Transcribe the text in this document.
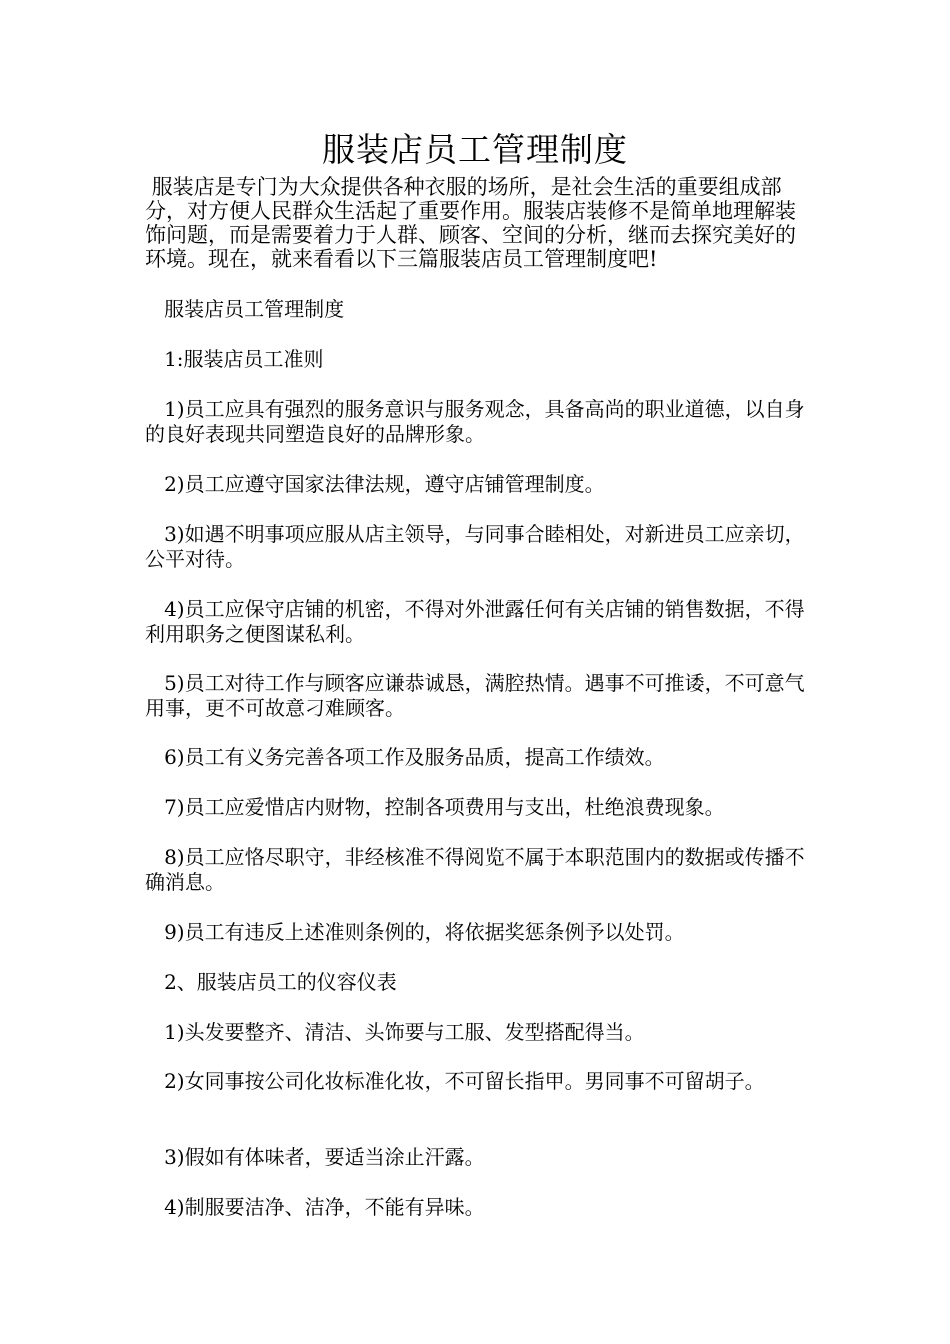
服装店员工管理制度

服装店是专门为大众提供各种衣服的场所，是社会生活的重要组成部分，对方便人民群众生活起了重要作用。服装店装修不是简单地理解装饰问题，而是需要着力于人群、顾客、空间的分析，继而去探究美好的环境。现在，就来看看以下三篇服装店员工管理制度吧!

服装店员工管理制度

1:服装店员工准则

1)员工应具有强烈的服务意识与服务观念，具备高尚的职业道德，以自身的良好表现共同塑造良好的品牌形象。

2)员工应遵守国家法律法规，遵守店铺管理制度。

3)如遇不明事项应服从店主领导，与同事合睦相处，对新进员工应亲切，公平对待。

4)员工应保守店铺的机密，不得对外泄露任何有关店铺的销售数据，不得利用职务之便图谋私利。

5)员工对待工作与顾客应谦恭诚恳，满腔热情。遇事不可推诿，不可意气用事，更不可故意刁难顾客。

6)员工有义务完善各项工作及服务品质，提高工作绩效。

7)员工应爱惜店内财物，控制各项费用与支出，杜绝浪费现象。

8)员工应恪尽职守，非经核准不得阅览不属于本职范围内的数据或传播不确消息。

9)员工有违反上述准则条例的，将依据奖惩条例予以处罚。

2、服装店员工的仪容仪表

1)头发要整齐、清洁、头饰要与工服、发型搭配得当。

2)女同事按公司化妆标准化妆，不可留长指甲。男同事不可留胡子。

3)假如有体味者，要适当涂止汗露。

4)制服要洁净、洁净，不能有异味。
